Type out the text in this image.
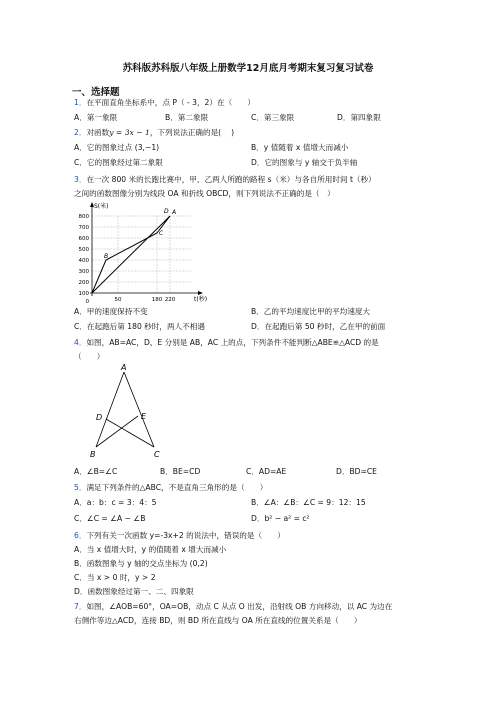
苏科版苏科版八年级上册数学12月底月考期末复习复习试卷
一、选择题
1．在平面直角坐标系中，点 P（ - 3，2）在（　　）
A．第一象限	B．第二象限	C．第三象限	D．第四象限
2．对函数y = 3x − 1，下列说法正确的是(　 )
A．它的图象过点 (3,−1)	B．y 值随着 x 值增大而减小
C．它的图象经过第二象限	D．它的图象与 y 轴交于负半轴
3．在一次 800 米的长跑比赛中，甲、乙两人所跑的路程 s（米）与各自所用时间 t（秒）
之间的函数图像分别为线段 OA 和折线 OBCD，则下列说法不正确的是（　）
S(米)
t(秒)
800
700
600
500
400
300
200
100
0	50	180 220
A
B
C
D
A．甲的速度保持不变	B．乙的平均速度比甲的平均速度大
C．在起跑后第 180 秒时，两人不相遇	D．在起跑后第 50 秒时，乙在甲的前面
4．如图，AB=AC，D、E 分别是 AB，AC 上的点，下列条件不能判断△ABE≌△ACD 的是
（　　）
A
D	E
B	C
A．∠B=∠C	B．BE=CD	C．AD=AE	D．BD=CE
5．满足下列条件的△ABC，不是直角三角形的是（　　）
A．a：b：c = 3：4：5	B．∠A：∠B：∠C = 9：12：15
C．∠C = ∠A − ∠B	D．b² − a² = c²
6．下列有关一次函数 y=-3x+2 的说法中，错误的是（　　）
A．当 x 值增大时，y 的值随着 x 增大而减小
B．函数图象与 y 轴的交点坐标为 (0,2)
C．当 x > 0 时，y > 2
D．函数图象经过第一、二、四象限
7．如图，∠AOB=60°，OA=OB，动点 C 从点 O 出发，沿射线 OB 方向移动，以 AC 为边在
右侧作等边△ACD，连接 BD，则 BD 所在直线与 OA 所在直线的位置关系是（　　）
